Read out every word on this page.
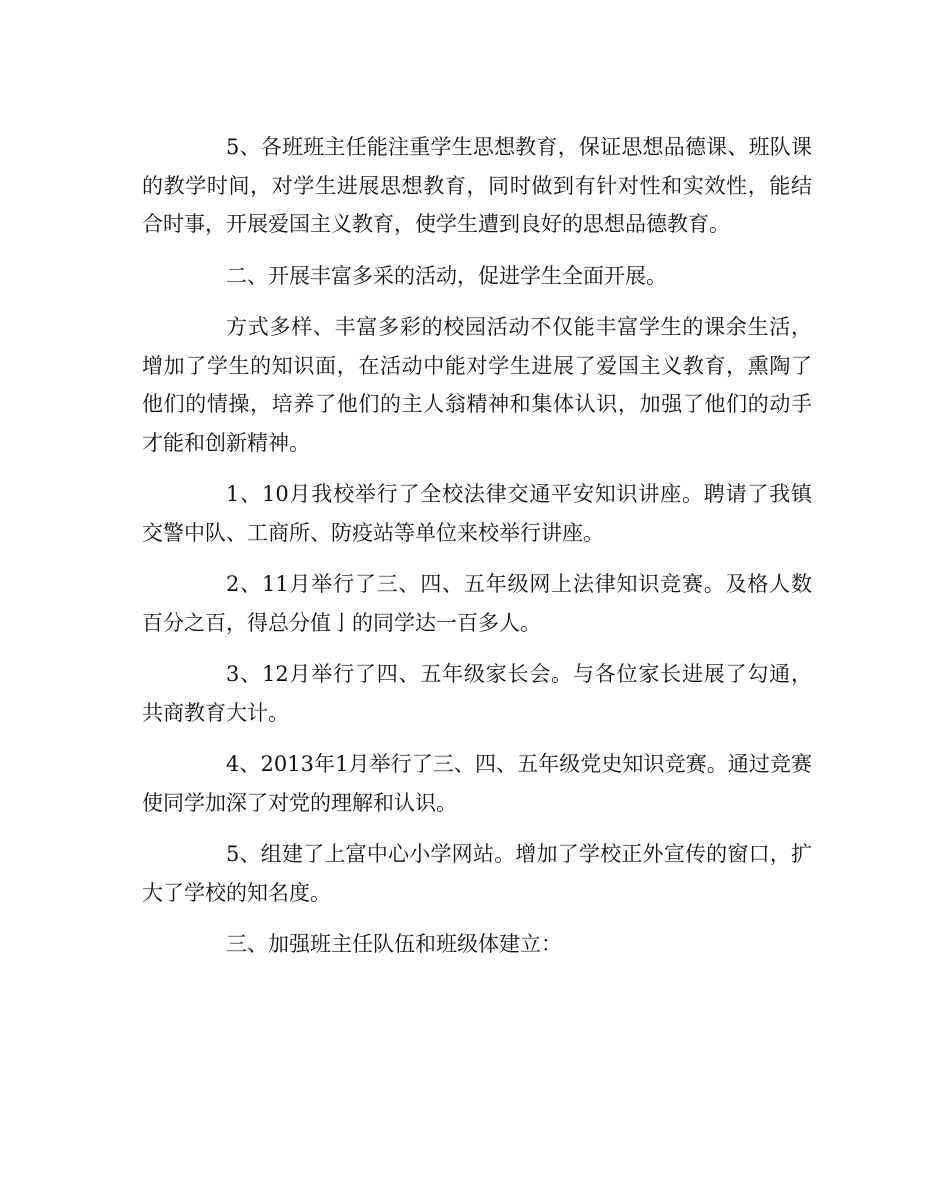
5、各班班主任能注重学生思想教育，保证思想品德课、班队课的教学时间，对学生进展思想教育，同时做到有针对性和实效性，能结合时事，开展爱国主义教育，使学生遭到良好的思想品德教育。

二、开展丰富多采的活动，促进学生全面开展。

方式多样、丰富多彩的校园活动不仅能丰富学生的课余生活，增加了学生的知识面，在活动中能对学生进展了爱国主义教育，熏陶了他们的情操，培养了他们的主人翁精神和集体认识，加强了他们的动手才能和创新精神。

1、10月我校举行了全校法律交通平安知识讲座。聘请了我镇交警中队、工商所、防疫站等单位来校举行讲座。

2、11月举行了三、四、五年级网上法律知识竞赛。及格人数百分之百，得总分值亅的同学达一百多人。

3、12月举行了四、五年级家长会。与各位家长进展了勾通，共商教育大计。

4、2013年1月举行了三、四、五年级党史知识竞赛。通过竞赛使同学加深了对党的理解和认识。

5、组建了上富中心小学网站。增加了学校正外宣传的窗口，扩大了学校的知名度。

三、加强班主任队伍和班级体建立：
